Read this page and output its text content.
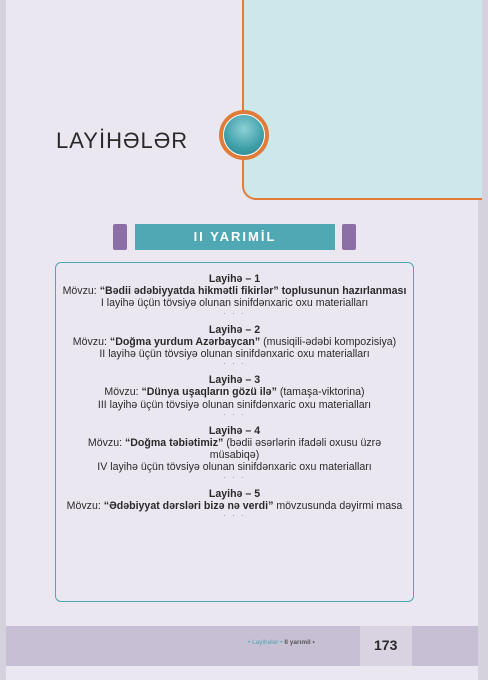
LAYİHƏLƏR
II YARIMİL
Layihə – 1
Mövzu: “Bədii ədəbiyyatda hikmətli fikirlər” toplusunun hazırlanması
I layihə üçün tövsiyə olunan sinifdənxaric oxu materialları
· · ·
Layihə – 2
Mövzu: “Doğma yurdum Azərbaycan” (musiqili-ədəbi kompozisiya)
II layihə üçün tövsiyə olunan sinifdənxaric oxu materialları
· · ·
Layihə – 3
Mövzu: “Dünya uşaqların gözü ilə” (tamaşa-viktorina)
III layihə üçün tövsiyə olunan sinifdənxaric oxu materialları
· · ·
Layihə – 4
Mövzu: “Doğma təbiətimiz” (bədii əsərlərin ifadəli oxusu üzrə müsabiqə)
IV layihə üçün tövsiyə olunan sinifdənxaric oxu materialları
· · ·
Layihə – 5
Mövzu: “Ədəbiyyat dərsləri bizə nə verdi” mövzusunda dəyirmi masa
· · ·
• Layihələr • II yarımil •	173
